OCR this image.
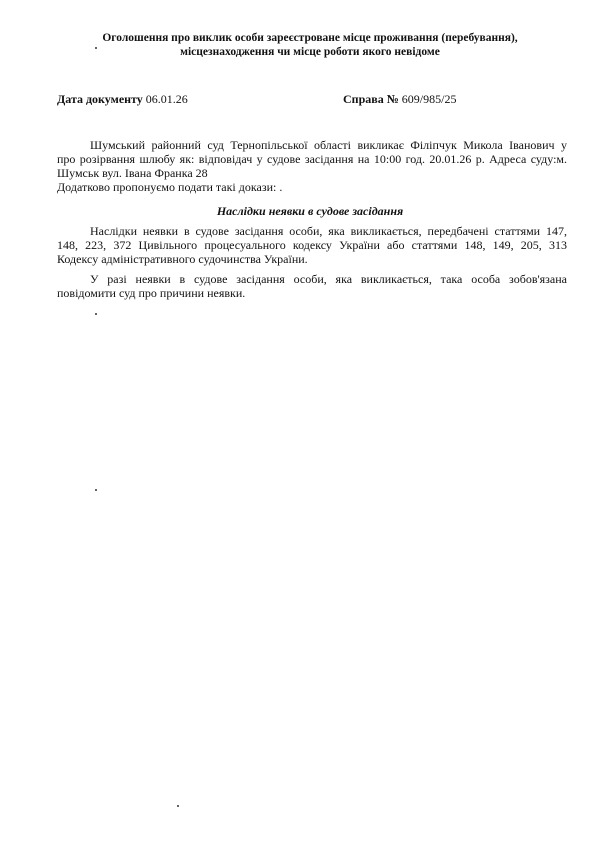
Оголошення про виклик особи зареєстроване місце проживання (перебування),
місцезнаходження чи місце роботи якого невідоме
Дата документу 06.01.26	Справа № 609/985/25
Шумський районний суд Тернопільської області викликає Філіпчук Микола Іванович у
про розірвання шлюбу як: відповідач у судове засідання на 10:00 год. 20.01.26 р. Адреса суду:м.
Шумськ вул. Івана Франка 28
Додатково пропонуємо подати такі докази: .
Наслідки неявки в судове засідання
Наслідки неявки в судове засідання особи, яка викликається, передбачені статтями 147,
148, 223, 372 Цивільного процесуального кодексу України або статтями 148, 149, 205, 313
Кодексу адміністративного судочинства України.
У разі неявки в судове засідання особи, яка викликається, така особа зобов'язана
повідомити суд про причини неявки.
